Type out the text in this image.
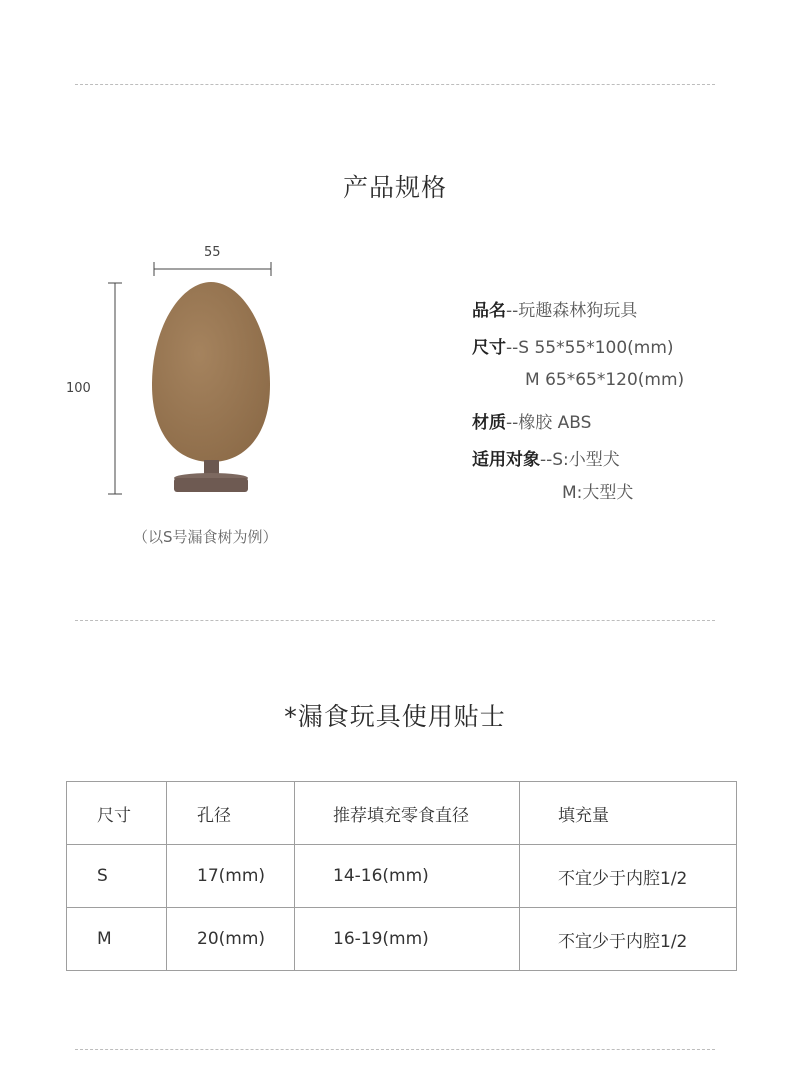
产品规格
55
100
（以S号漏食树为例）
品名--玩趣森林狗玩具
尺寸--S 55*55*100(mm)
M 65*65*120(mm)
材质--橡胶 ABS
适用对象--S:小型犬
M:大型犬
*漏食玩具使用贴士
尺寸	孔径	推荐填充零食直径	填充量
S	17(mm)	14-16(mm)	不宜少于内腔1/2
M	20(mm)	16-19(mm)	不宜少于内腔1/2
